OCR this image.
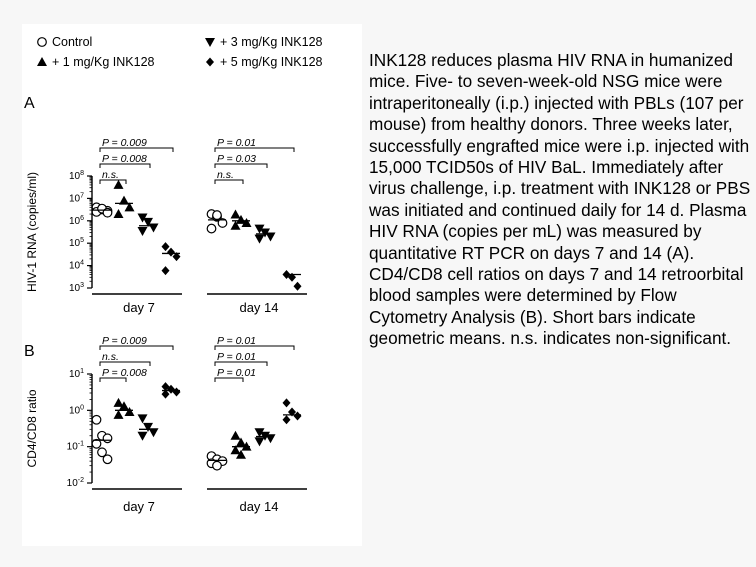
Control	+ 3 mg/Kg INK128
+ 1 mg/Kg INK128	+ 5 mg/Kg INK128
A
$10^3$
$10^4$
$10^5$
$10^6$
$10^7$
$10^8$
HIV-1 RNA (copies/ml)
day 7	day 14
P = 0.009
P = 0.008
n.s.
P = 0.01
P = 0.03
n.s.
B
$10^{-2}$
$10^{-1}$
$10^0$
$10^1$
CD4/CD8 ratio
day 7	day 14
P = 0.009
n.s.
P = 0.008
P = 0.01
P = 0.01
P = 0.01
INK128 reduces plasma HIV RNA in humanized mice. Five- to seven-week-old NSG mice were intraperitoneally (i.p.) injected with PBLs (107 per mouse) from healthy donors. Three weeks later, successfully engrafted mice were i.p. injected with 15,000 TCID50s of HIV BaL. Immediately after virus challenge, i.p. treatment with INK128 or PBS was initiated and continued daily for 14 d. Plasma HIV RNA (copies per mL) was measured by quantitative RT PCR on days 7 and 14 (A). CD4/CD8 cell ratios on days 7 and 14 retroorbital blood samples were determined by Flow Cytometry Analysis (B). Short bars indicate geometric means. n.s. indicates non-significant.
